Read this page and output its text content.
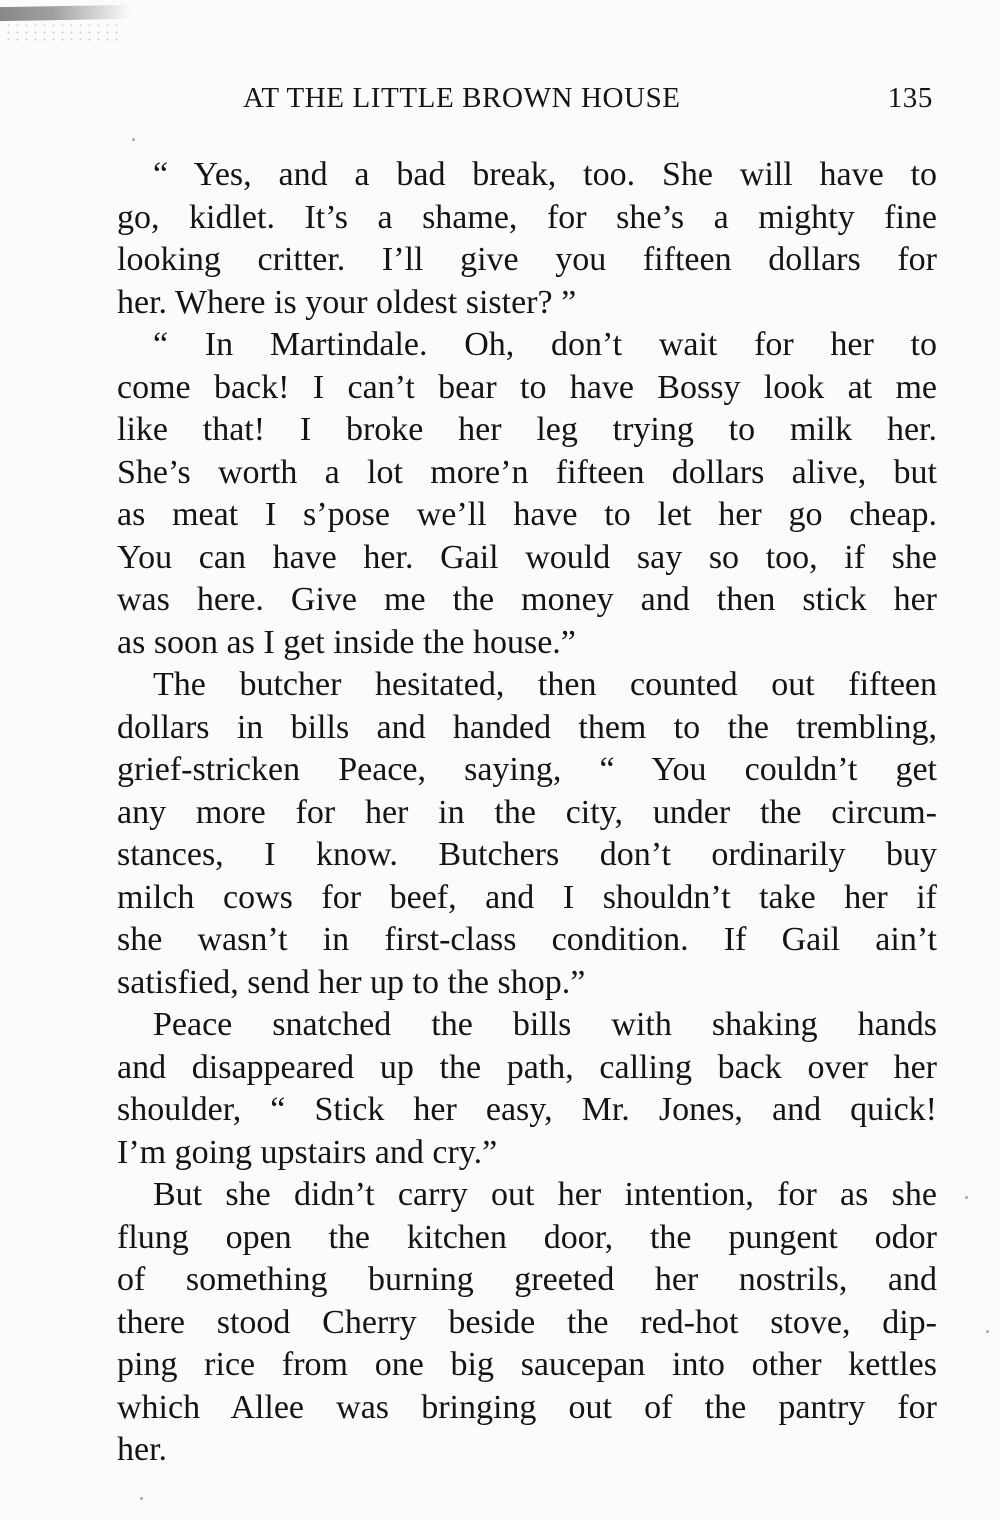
AT THE LITTLE BROWN HOUSE	135
“ Yes, and a bad break, too. She will have to
go, kidlet. It’s a shame, for she’s a mighty fine
looking critter. I’ll give you fifteen dollars for
her. Where is your oldest sister? ”
“ In Martindale. Oh, don’t wait for her to
come back! I can’t bear to have Bossy look at me
like that! I broke her leg trying to milk her.
She’s worth a lot more’n fifteen dollars alive, but
as meat I s’pose we’ll have to let her go cheap.
You can have her. Gail would say so too, if she
was here. Give me the money and then stick her
as soon as I get inside the house.”
The butcher hesitated, then counted out fifteen
dollars in bills and handed them to the trembling,
grief-stricken Peace, saying, “ You couldn’t get
any more for her in the city, under the circum-
stances, I know. Butchers don’t ordinarily buy
milch cows for beef, and I shouldn’t take her if
she wasn’t in first-class condition. If Gail ain’t
satisfied, send her up to the shop.”
Peace snatched the bills with shaking hands
and disappeared up the path, calling back over her
shoulder, “ Stick her easy, Mr. Jones, and quick!
I’m going upstairs and cry.”
But she didn’t carry out her intention, for as she
flung open the kitchen door, the pungent odor
of something burning greeted her nostrils, and
there stood Cherry beside the red-hot stove, dip-
ping rice from one big saucepan into other kettles
which Allee was bringing out of the pantry for
her.
